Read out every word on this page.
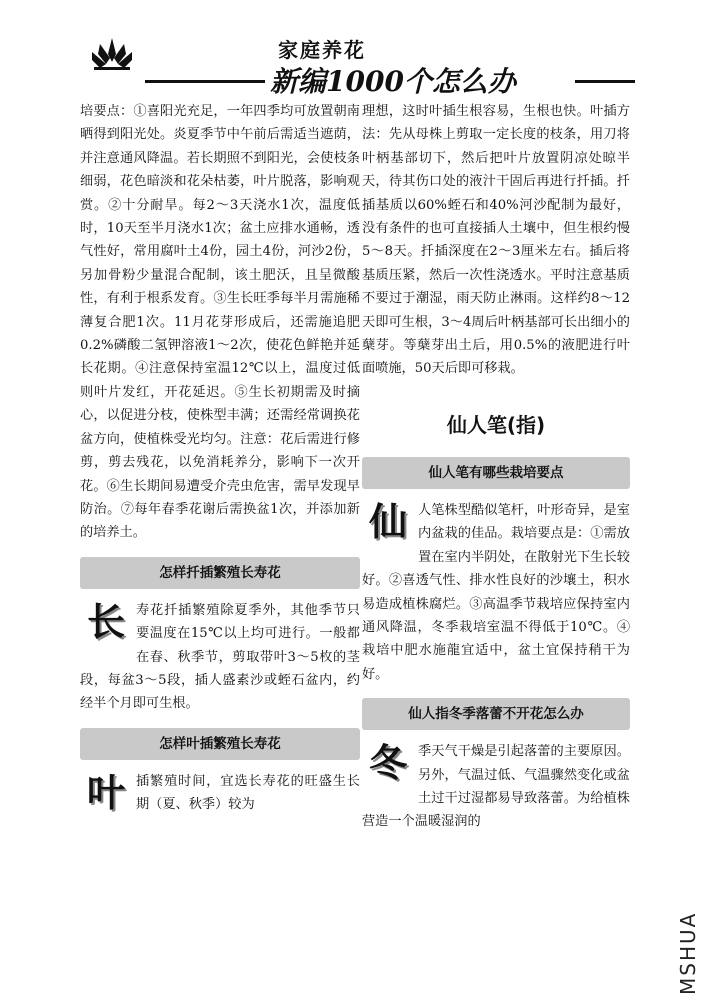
家庭养花
新编1000个怎么办

培要点：①喜阳光充足，一年四季均可放置朝南晒得到阳光处。炎夏季节中午前后需适当遮荫，并注意通风降温。若长期照不到阳光，会使枝条细弱，花色暗淡和花朵枯萎，叶片脱落，影响观赏。②十分耐旱。每2～3天浇水1次，温度低时，10天至半月浇水1次；盆土应排水通畅，透气性好，常用腐叶土4份，园土4份，河沙2份，另加骨粉少量混合配制，该土肥沃，且呈微酸性，有利于根系发育。③生长旺季每半月需施稀薄复合肥1次。11月花芽形成后，还需施追肥0.2%磷酸二氢钾溶液1～2次，使花色鲜艳并延长花期。④注意保持室温12℃以上，温度过低则叶片发红，开花延迟。⑤生长初期需及时摘心，以促进分枝，使株型丰满；还需经常调换花盆方向，使植株受光均匀。注意：花后需进行修剪，剪去残花，以免消耗养分，影响下一次开花。⑥生长期间易遭受介壳虫危害，需早发现早防治。⑦每年春季花谢后需换盆1次，并添加新的培养土。

怎样扦插繁殖长寿花
长 寿花扦插繁殖除夏季外，其他季节只要温度在15℃以上均可进行。一般都在春、秋季节，剪取带叶3～5枚的茎段，每盆3～5段，插人盛素沙或蛭石盆内，约经半个月即可生根。

怎样叶插繁殖长寿花
叶 插繁殖时间，宜选长寿花的旺盛生长期（夏、秋季）较为

理想，这时叶插生根容易，生根也快。叶插方法：先从母株上剪取一定长度的枝条，用刀将叶柄基部切下，然后把叶片放置阴凉处晾半天，待其伤口处的液汁干固后再进行扦插。扦插基质以60%蛭石和40%河沙配制为最好，没有条件的也可直接插人土壤中，但生根约慢5～8天。扦插深度在2～3厘米左右。插后将基质压紧，然后一次性浇透水。平时注意基质不要过于潮湿，雨天防止淋雨。这样约8～12天即可生根，3～4周后叶柄基部可长出细小的蘖芽。等蘖芽出土后，用0.5%的液肥进行叶面喷施，50天后即可移栽。

仙人笔(指)
仙人笔有哪些栽培要点
仙 人笔株型酷似笔杆，叶形奇异，是室内盆栽的佳品。栽培要点是：①需放置在室内半阴处，在散射光下生长较好。②喜透气性、排水性良好的沙壤土，积水易造成植株腐烂。③高温季节栽培应保持室内通风降温，冬季栽培室温不得低于10℃。④栽培中肥水施龍宜适中，盆土宜保持稍干为好。

仙人指冬季落蕾不开花怎么办
冬 季天气干燥是引起落蕾的主要原因。另外，气温过低、气温骤然变化或盆土过干过湿都易导致落蕾。为给植株营造一个温暖湿润的

MSHUA
